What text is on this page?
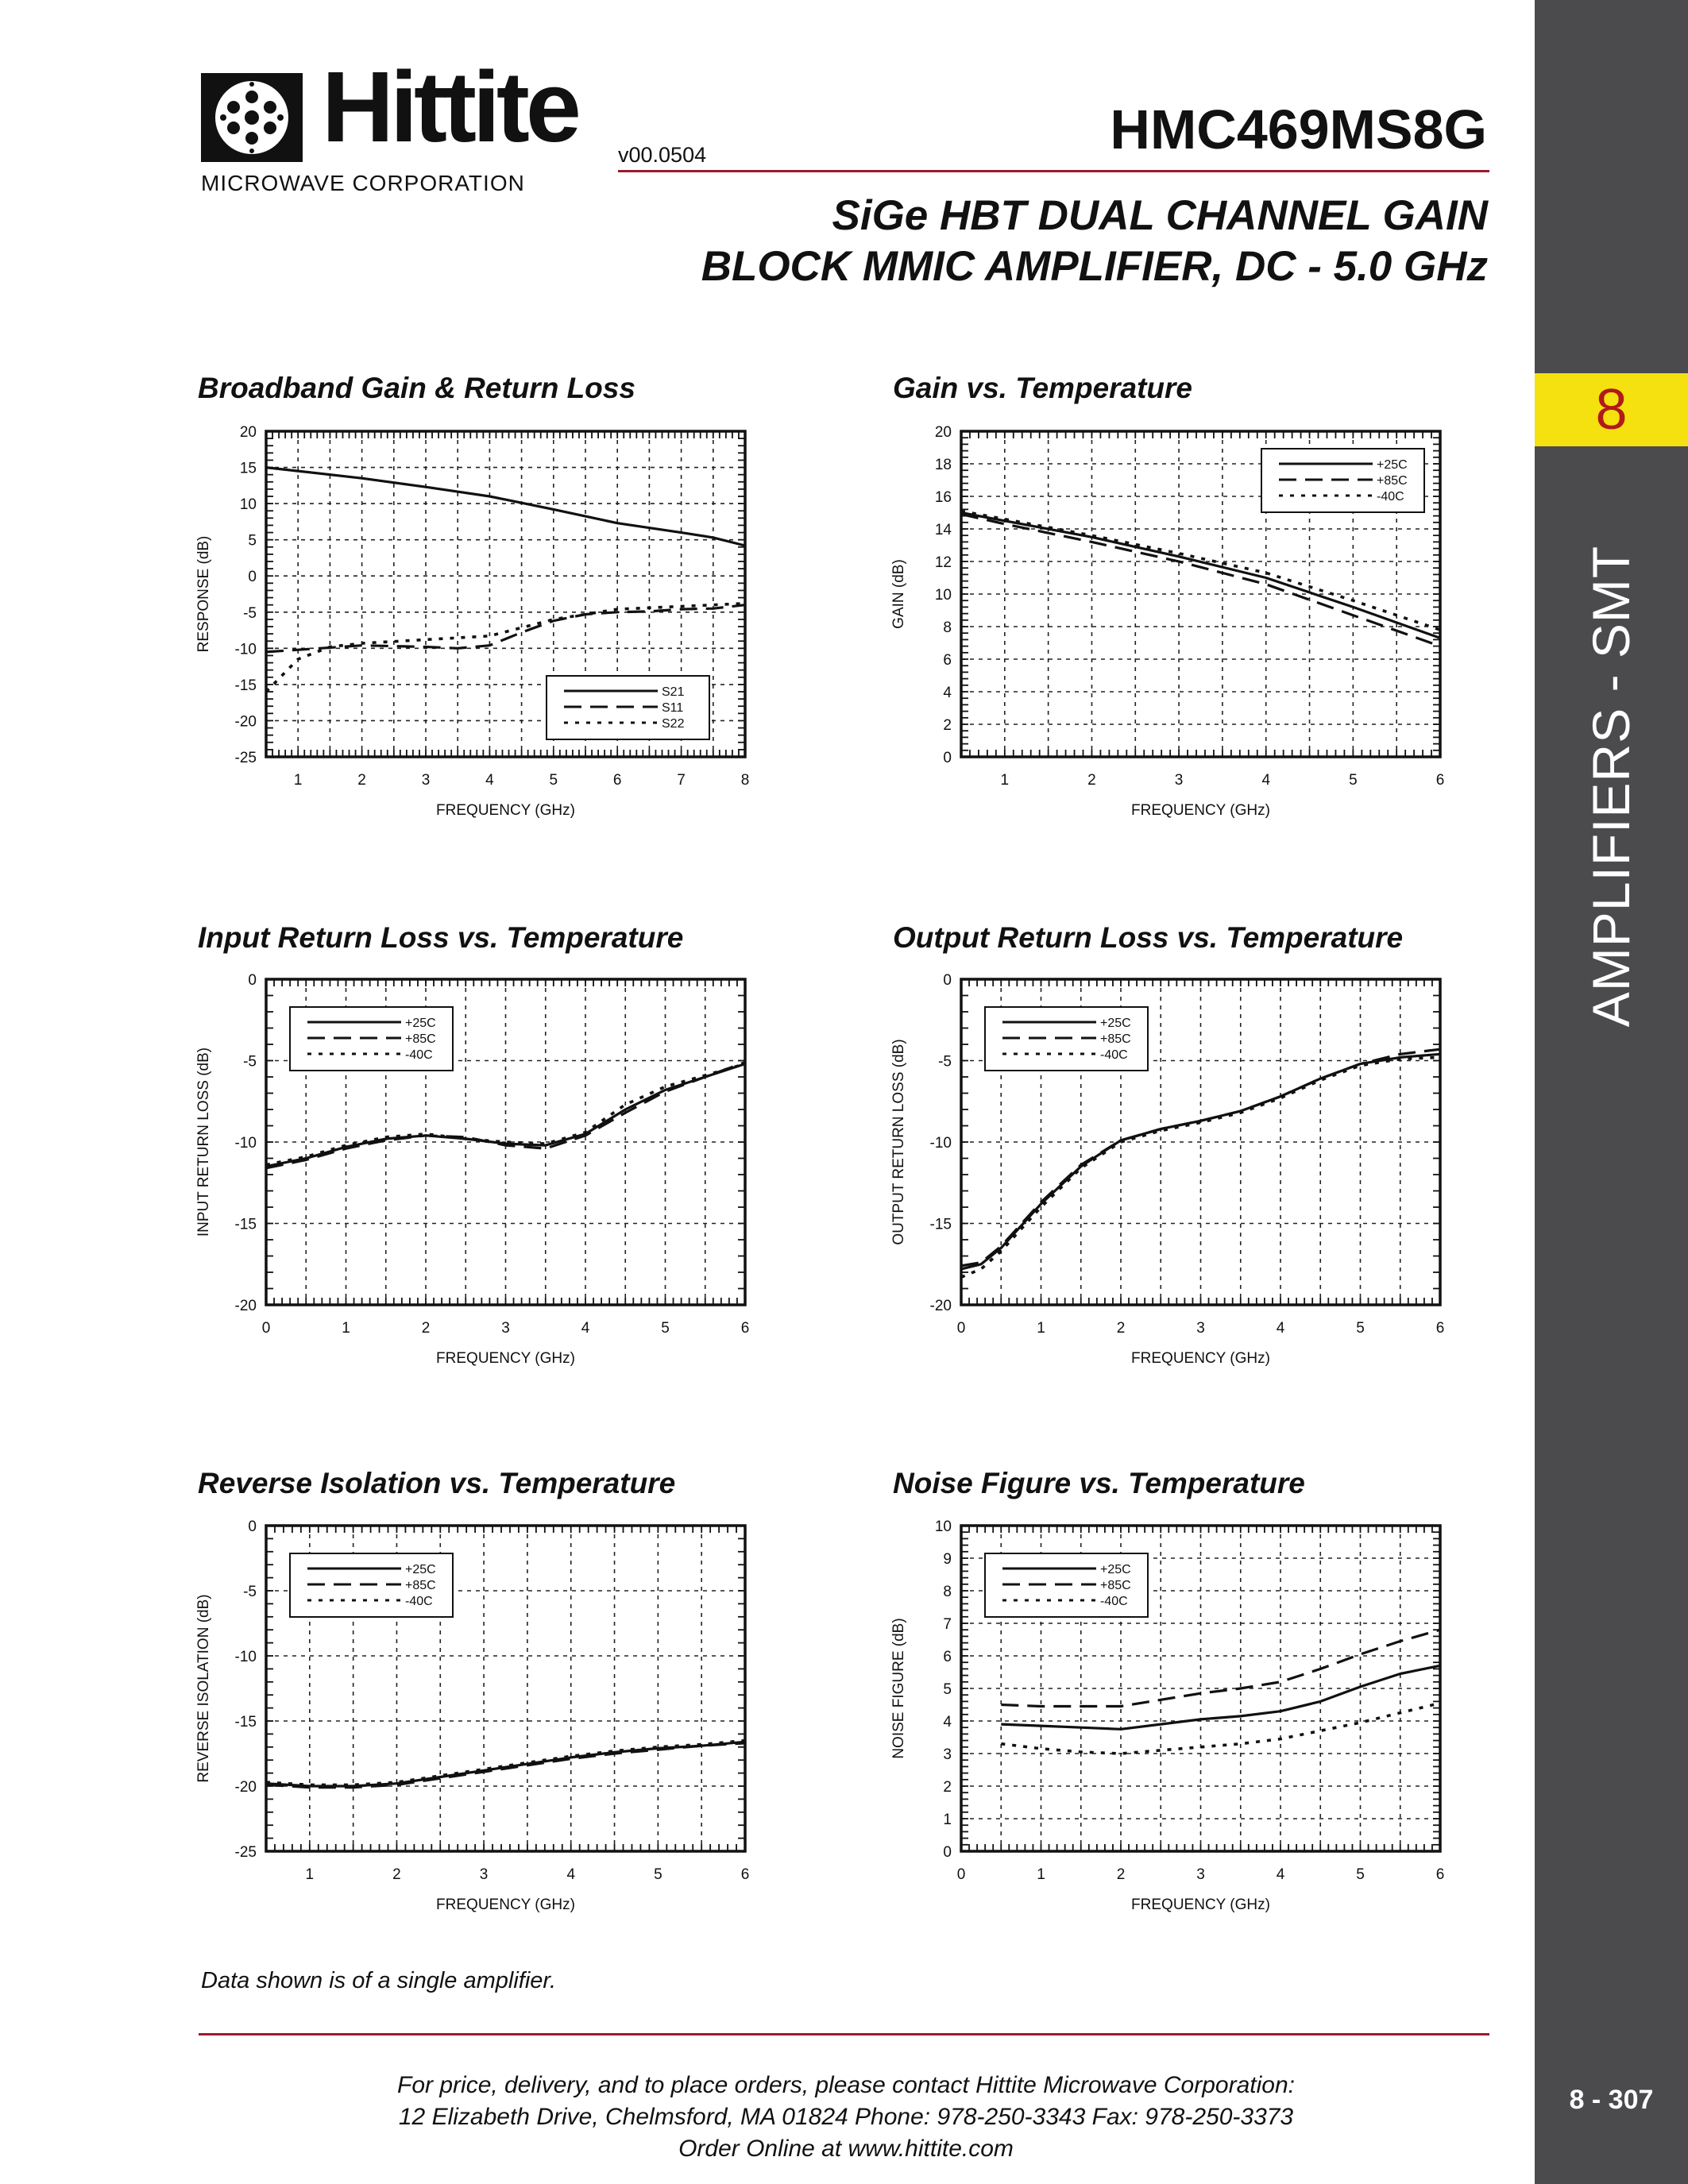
8
AMPLIFIERS - SMT
8 - 307
Hittite
MICROWAVE CORPORATION
v00.0504	HMC469MS8G
SiGe HBT DUAL CHANNEL GAIN
BLOCK MMIC AMPLIFIER, DC - 5.0 GHz
Broadband Gain & Return Loss	Gain vs. Temperature
Input Return Loss vs. Temperature	Output Return Loss vs. Temperature
Reverse Isolation vs. Temperature	Noise Figure vs. Temperature
-25
-20
-15
-10
-5
0
5
10
15
20
1	2	3	4	5	6	7	8
FREQUENCY (GHz)
RESPONSE (dB)
S21
S11
S22
0
2
4
6
8
10
12
14
16
18
20
1	2	3	4	5	6
FREQUENCY (GHz)
GAIN (dB)
+25C
+85C
-40C
-20
-15
-10
-5
0
0	1	2	3	4	5	6
FREQUENCY (GHz)
INPUT RETURN LOSS (dB)
+25C
+85C
-40C
-20
-15
-10
-5
0
0	1	2	3	4	5	6
FREQUENCY (GHz)
OUTPUT RETURN LOSS (dB)
+25C
+85C
-40C
-25
-20
-15
-10
-5
0
1	2	3	4	5	6
FREQUENCY (GHz)
REVERSE ISOLATION (dB)
+25C
+85C
-40C
0
1
2
3
4
5
6
7
8
9
10
0	1	2	3	4	5	6
FREQUENCY (GHz)
NOISE FIGURE (dB)
+25C
+85C
-40C
Data shown is of a single amplifier.
For price, delivery, and to place orders, please contact Hittite Microwave Corporation:
12 Elizabeth Drive, Chelmsford, MA 01824 Phone: 978-250-3343 Fax: 978-250-3373
Order Online at www.hittite.com
